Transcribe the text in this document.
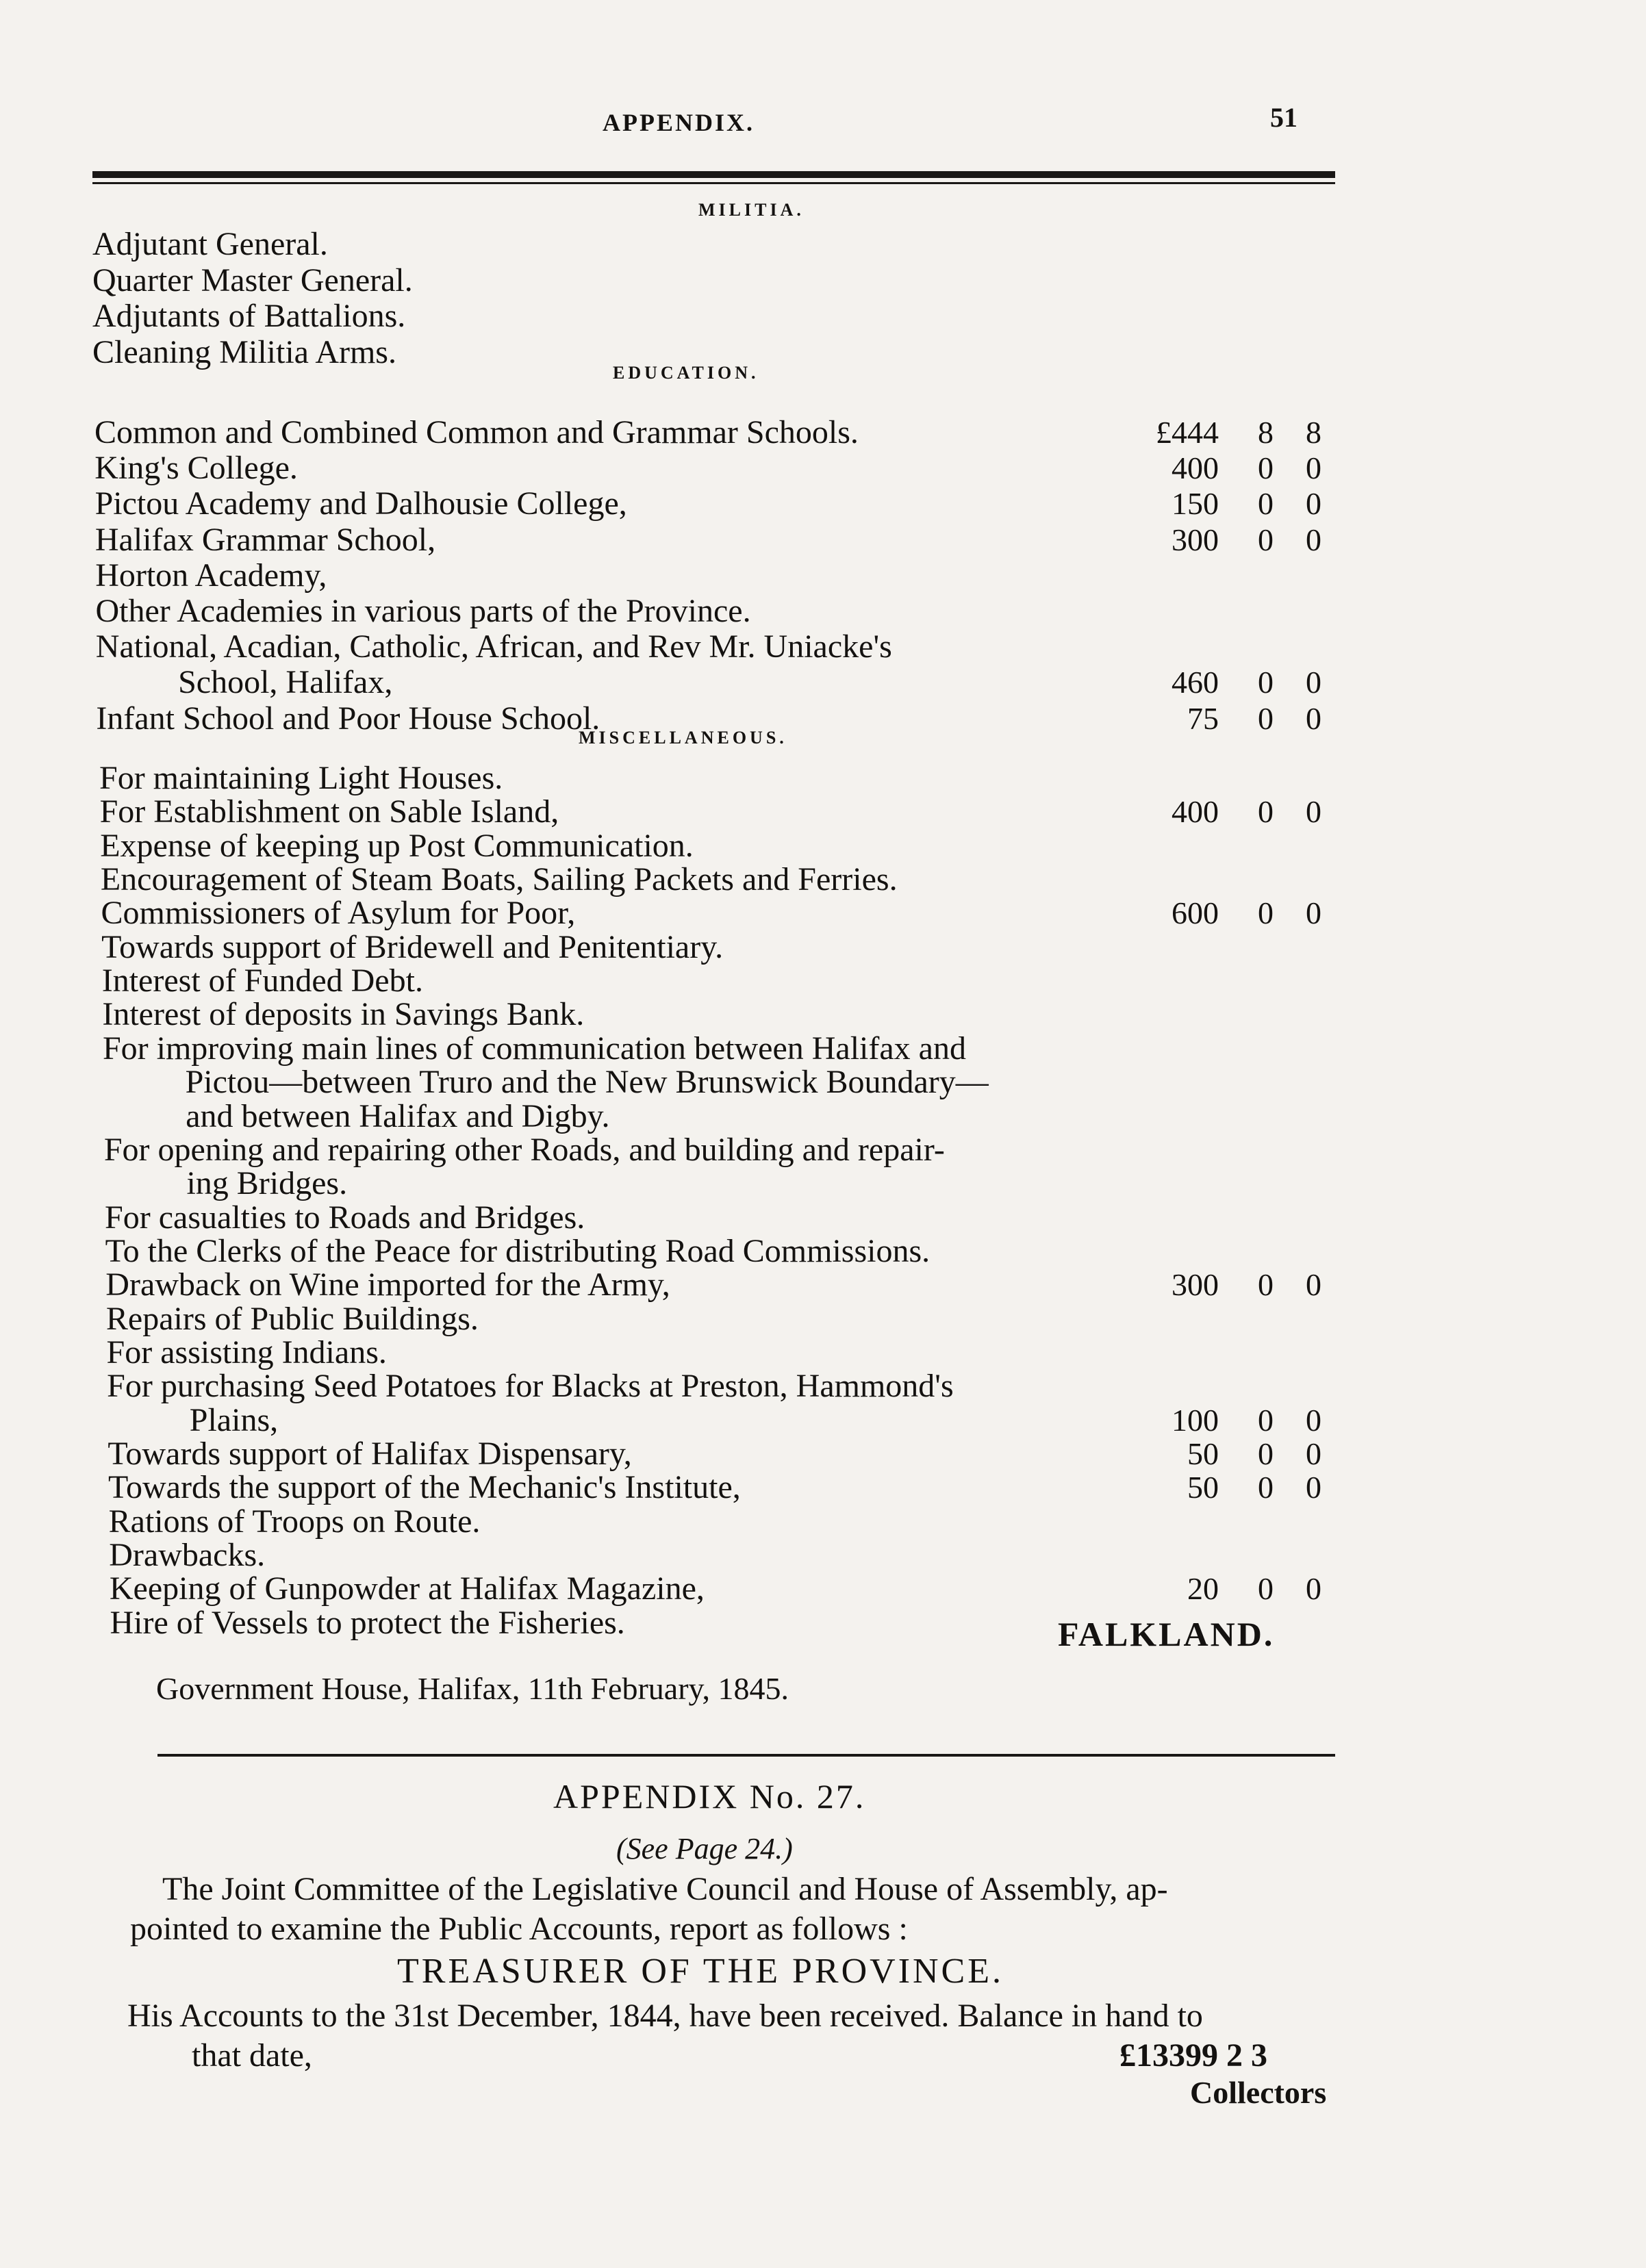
APPENDIX.	51
MILITIA.
Adjutant General.
Quarter Master General.
Adjutants of Battalions.
Cleaning Militia Arms.
EDUCATION.
Common and Combined Common and Grammar Schools.	£444 8 8
King's College.	400 0 0
Pictou Academy and Dalhousie College,	150 0 0
Halifax Grammar School,	300 0 0
Horton Academy,
Other Academies in various parts of the Province.
National, Acadian, Catholic, African, and Rev Mr. Uniacke's
School, Halifax,	460 0 0
Infant School and Poor House School.	75 0 0
MISCELLANEOUS.
For maintaining Light Houses.
For Establishment on Sable Island,	400 0 0
Expense of keeping up Post Communication.
Encouragement of Steam Boats, Sailing Packets and Ferries.
Commissioners of Asylum for Poor,	600 0 0
Towards support of Bridewell and Penitentiary.
Interest of Funded Debt.
Interest of deposits in Savings Bank.
For improving main lines of communication between Halifax and
Pictou—between Truro and the New Brunswick Boundary—
and between Halifax and Digby.
For opening and repairing other Roads, and building and repair-
ing Bridges.
For casualties to Roads and Bridges.
To the Clerks of the Peace for distributing Road Commissions.
Drawback on Wine imported for the Army,	300 0 0
Repairs of Public Buildings.
For assisting Indians.
For purchasing Seed Potatoes for Blacks at Preston, Hammond's
Plains,	100 0 0
Towards support of Halifax Dispensary,	50 0 0
Towards the support of the Mechanic's Institute,	50 0 0
Rations of Troops on Route.
Drawbacks.
Keeping of Gunpowder at Halifax Magazine,	20 0 0
Hire of Vessels to protect the Fisheries.	FALKLAND.
Government House, Halifax, 11th February, 1845.
APPENDIX No. 27.
(See Page 24.)
The Joint Committee of the Legislative Council and House of Assembly, ap-
pointed to examine the Public Accounts, report as follows :
TREASURER OF THE PROVINCE.
His Accounts to the 31st December, 1844, have been received. Balance in hand to
that date,	£13399 2 3
Collectors
